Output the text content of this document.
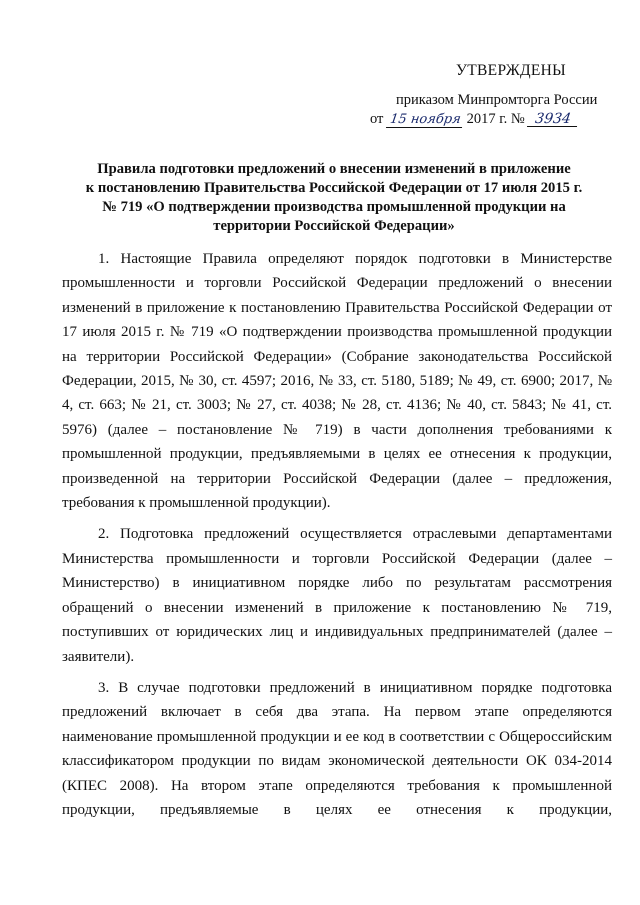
УТВЕРЖДЕНЫ
приказом Минпромторга России
от 15 ноября 2017 г. № 3934
Правила подготовки предложений о внесении изменений в приложение
к постановлению Правительства Российской Федерации от 17 июля 2015 г.
№ 719 «О подтверждении производства промышленной продукции на
территории Российской Федерации»

1. Настоящие Правила определяют порядок подготовки в Министерстве промышленности и торговли Российской Федерации предложений о внесении изменений в приложение к постановлению Правительства Российской Федерации от 17 июля 2015 г. № 719 «О подтверждении производства промышленной продукции на территории Российской Федерации» (Собрание законодательства Российской Федерации, 2015, № 30, ст. 4597; 2016, № 33, ст. 5180, 5189; № 49, ст. 6900; 2017, № 4, ст. 663; № 21, ст. 3003; № 27, ст. 4038; № 28, ст. 4136; № 40, ст. 5843; № 41, ст. 5976) (далее – постановление № 719) в части дополнения требованиями к промышленной продукции, предъявляемыми в целях ее отнесения к продукции, произведенной на территории Российской Федерации (далее – предложения, требования к промышленной продукции).

2. Подготовка предложений осуществляется отраслевыми департаментами Министерства промышленности и торговли Российской Федерации (далее – Министерство) в инициативном порядке либо по результатам рассмотрения обращений о внесении изменений в приложение к постановлению № 719, поступивших от юридических лиц и индивидуальных предпринимателей (далее – заявители).

3. В случае подготовки предложений в инициативном порядке подготовка предложений включает в себя два этапа. На первом этапе определяются наименование промышленной продукции и ее код в соответствии с Общероссийским классификатором продукции по видам экономической деятельности ОК 034-2014 (КПЕС 2008). На втором этапе определяются требования к промышленной продукции, предъявляемые в целях ее отнесения к продукции,
